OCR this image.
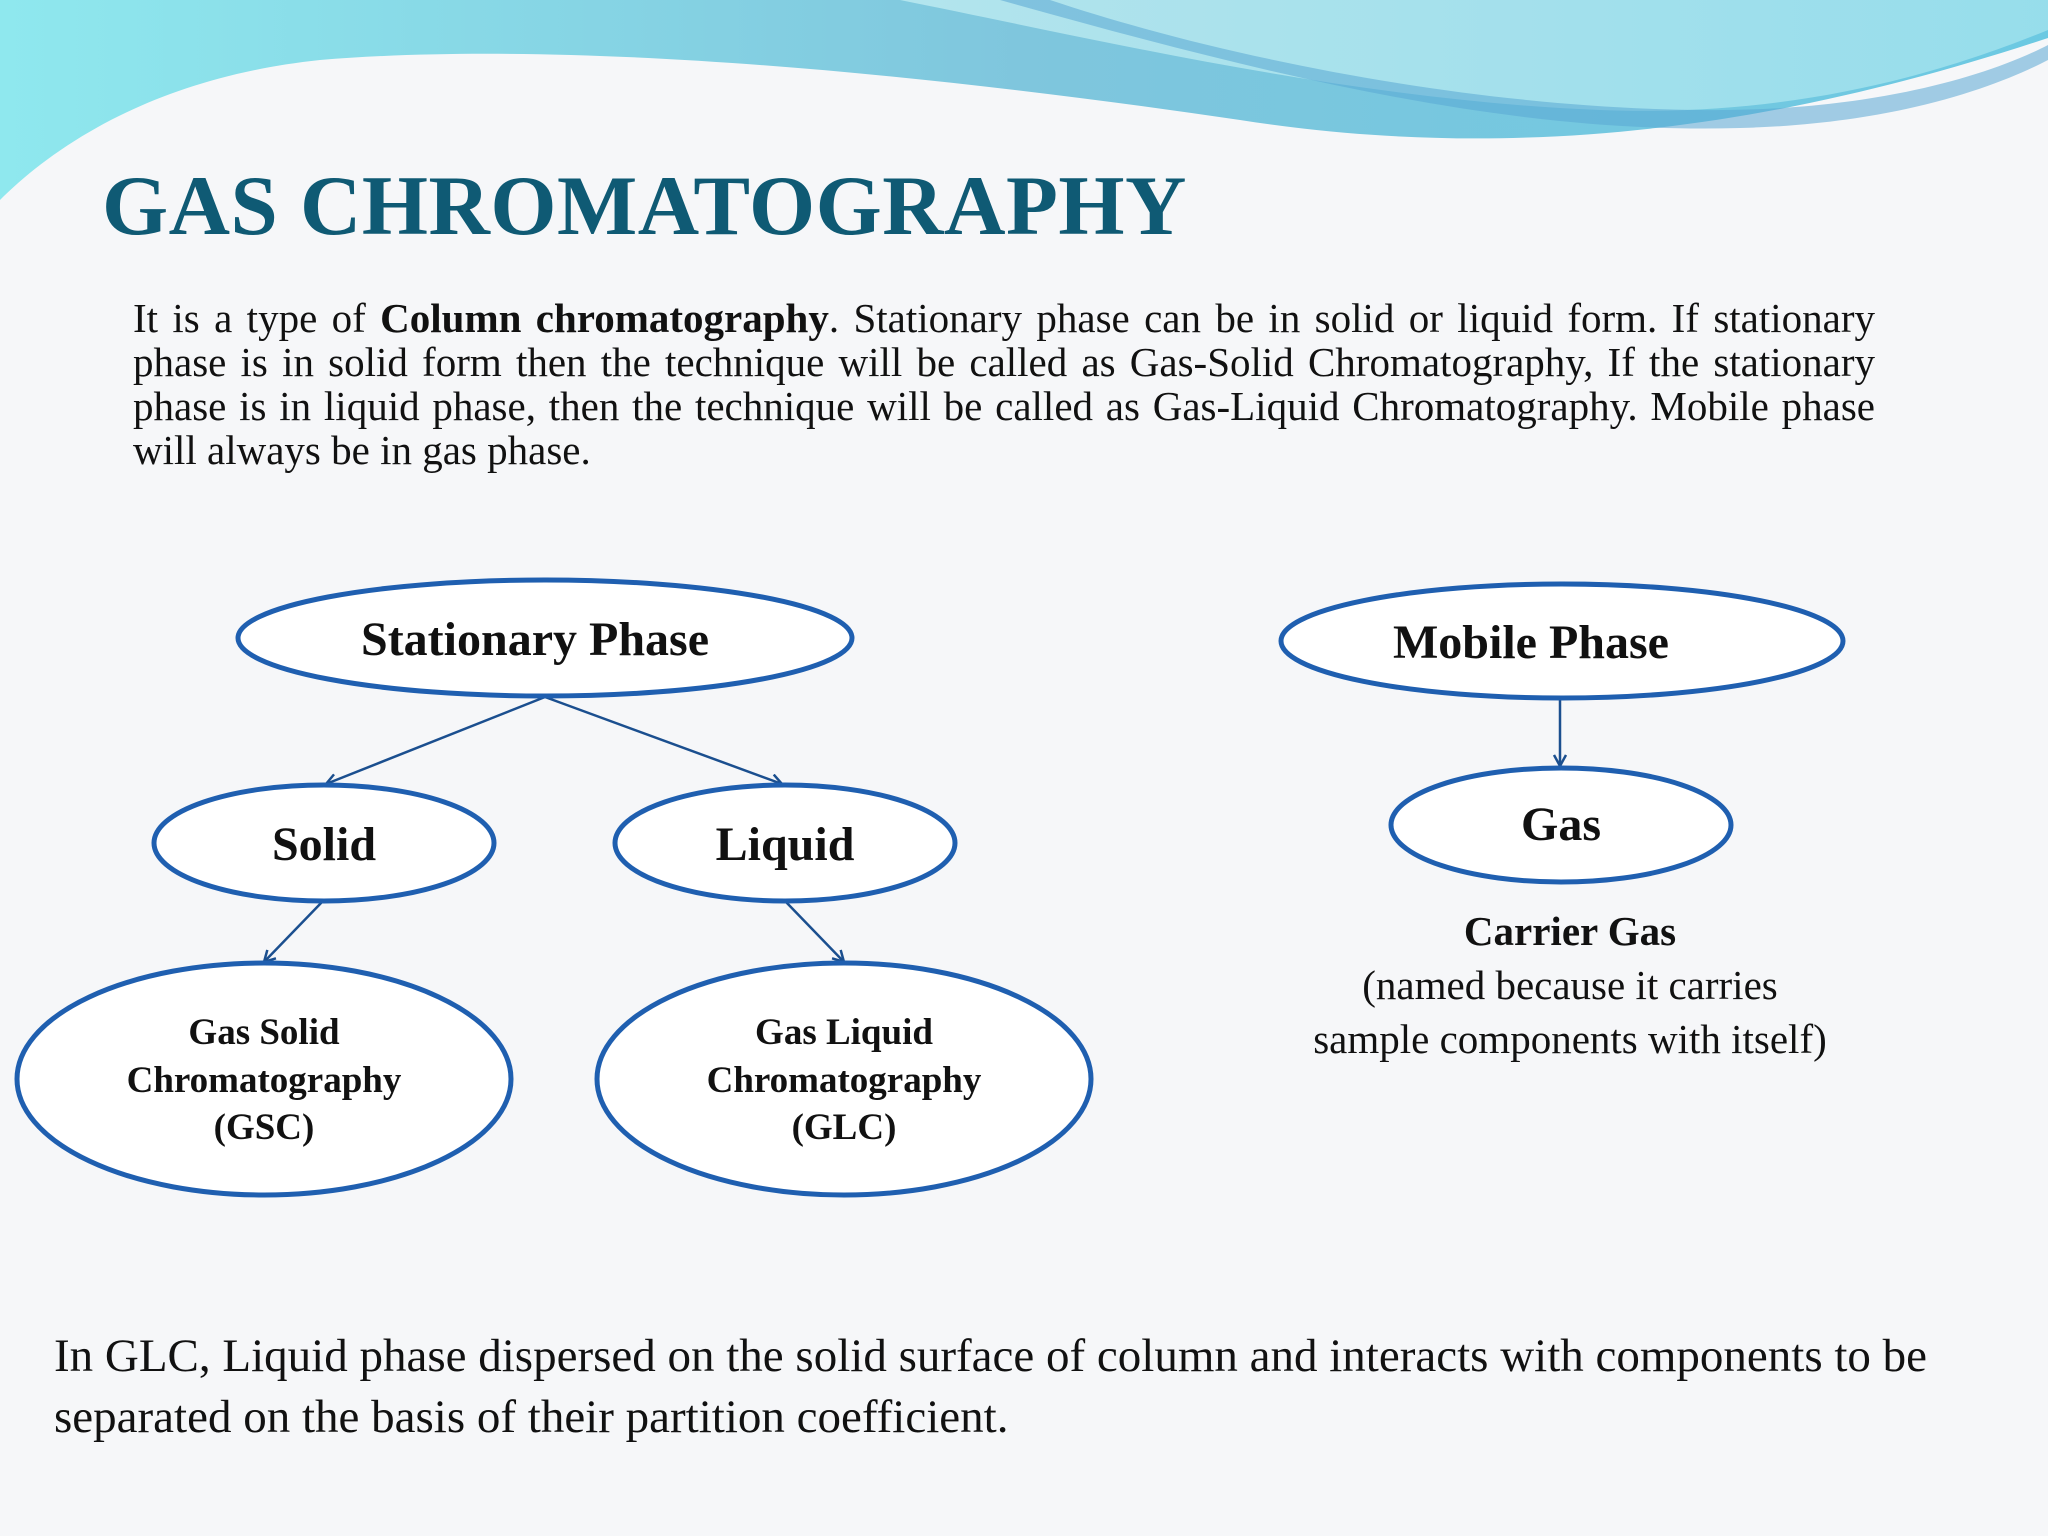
GAS CHROMATOGRAPHY

It is a type of Column chromatography. Stationary phase can be in solid or liquid form. If stationary phase is in solid form then the technique will be called as Gas-Solid Chromatography, If the stationary phase is in liquid phase, then the technique will be called as Gas-Liquid Chromatography. Mobile phase will always be in gas phase.

Stationary Phase
Solid	Liquid
Gas Solid
Chromatography
(GSC)
Gas Liquid
Chromatography
(GLC)
Mobile Phase
Gas
Carrier Gas
(named because it carries
sample components with itself)

In GLC, Liquid phase dispersed on the solid surface of column and interacts with components to be separated on the basis of their partition coefficient.
